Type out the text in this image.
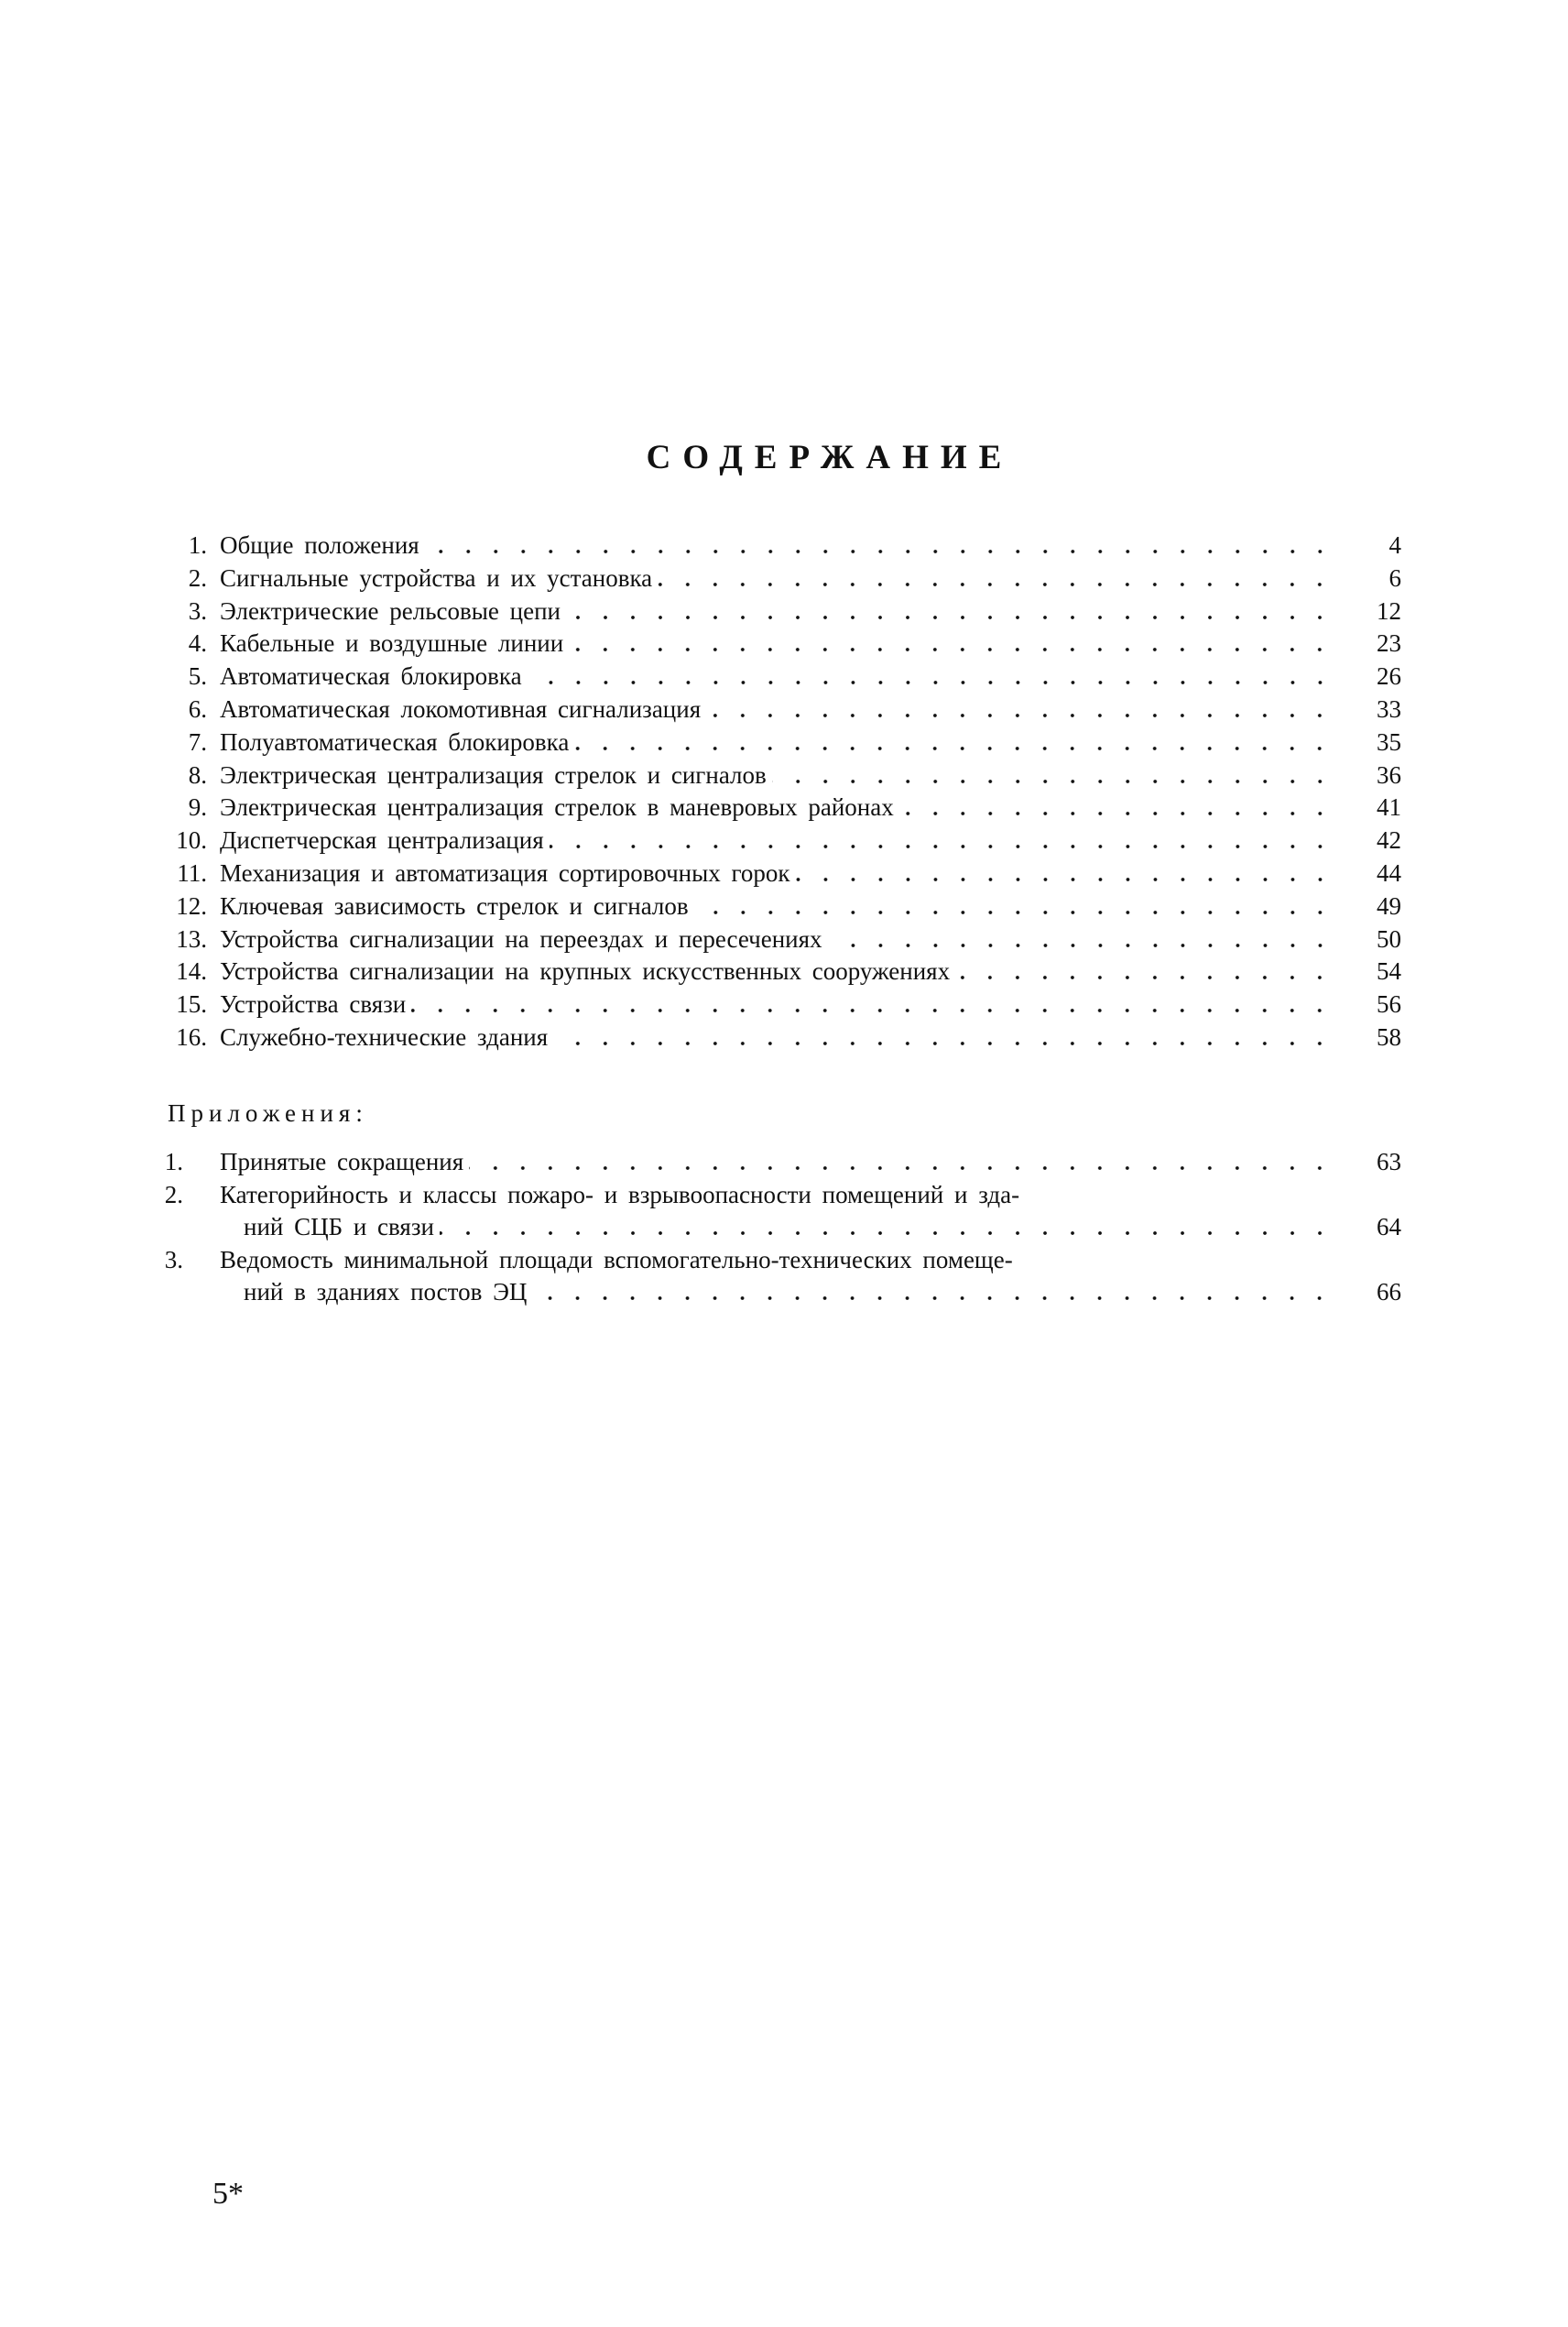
СОДЕРЖАНИЕ
1. Общие положения	4
2. Сигнальные устройства и их установка	6
3. Электрические рельсовые цепи	12
4. Кабельные и воздушные линии	23
5. Автоматическая блокировка	26
6. Автоматическая локомотивная сигнализация	33
7. Полуавтоматическая блокировка	35
8. Электрическая централизация стрелок и сигналов	36
9. Электрическая централизация стрелок в маневровых районах	41
10. Диспетчерская централизация	42
11. Механизация и автоматизация сортировочных горок	44
12. Ключевая зависимость стрелок и сигналов	49
13. Устройства сигнализации на переездах и пересечениях	50
14. Устройства сигнализации на крупных искусственных сооружениях	54
15. Устройства связи	56
16. Служебно-технические здания	58
Приложения:
1. Принятые сокращения	63
2. Категорийность и классы пожаро- и взрывоопасности помещений и зда-
ний СЦБ и связи	64
3. Ведомость минимальной площади вспомогательно-технических помеще-
ний в зданиях постов ЭЦ	66
5*
